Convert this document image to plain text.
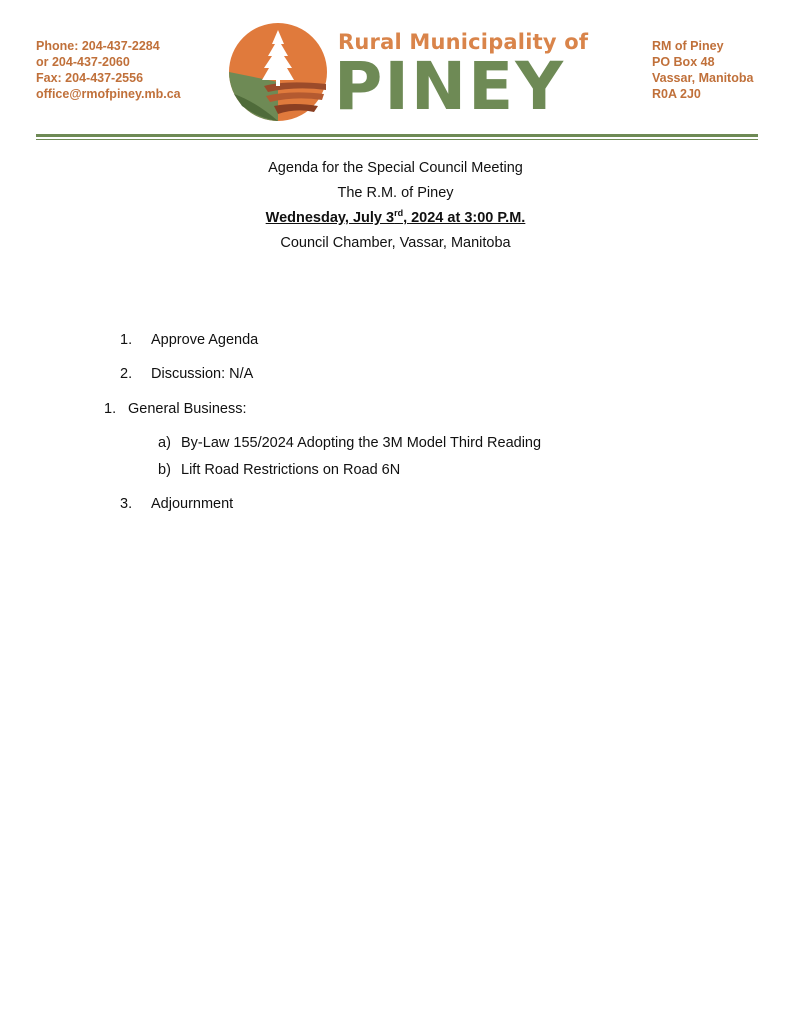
Phone: 204-437-2284
or 204-437-2060
Fax: 204-437-2556
office@rmofpiney.mb.ca
Rural Municipality of
PINEY
RM of Piney
PO Box 48
Vassar, Manitoba
R0A 2J0
Agenda for the Special Council Meeting
The R.M. of Piney
Wednesday, July 3rd, 2024 at 3:00 P.M.
Council Chamber, Vassar, Manitoba
1. Approve Agenda
2. Discussion: N/A
1. General Business:
a) By-Law 155/2024 Adopting the 3M Model Third Reading
b) Lift Road Restrictions on Road 6N
3. Adjournment
